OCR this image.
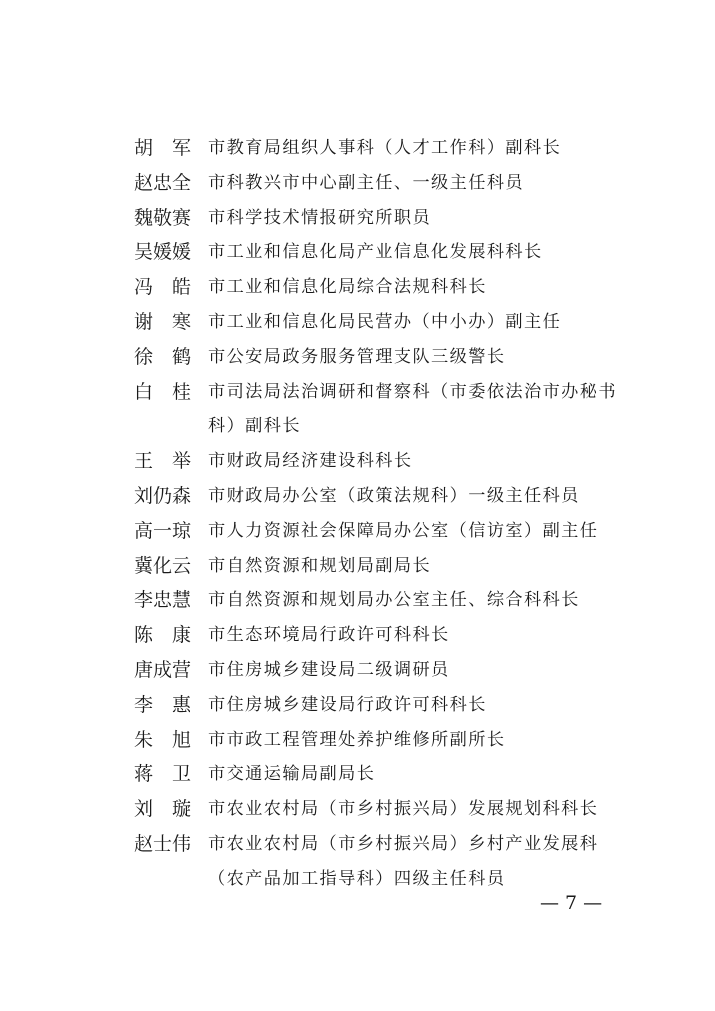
胡　军 市教育局组织人事科（人才工作科）副科长
赵忠全 市科教兴市中心副主任、一级主任科员
魏敬赛 市科学技术情报研究所职员
吴媛媛 市工业和信息化局产业信息化发展科科长
冯　皓 市工业和信息化局综合法规科科长
谢　寒 市工业和信息化局民营办（中小办）副主任
徐　鹤 市公安局政务服务管理支队三级警长
白　桂 市司法局法治调研和督察科（市委依法治市办秘书
科）副科长
王　举 市财政局经济建设科科长
刘仍森 市财政局办公室（政策法规科）一级主任科员
高一琼 市人力资源社会保障局办公室（信访室）副主任
冀化云 市自然资源和规划局副局长
李忠慧 市自然资源和规划局办公室主任、综合科科长
陈　康 市生态环境局行政许可科科长
唐成营 市住房城乡建设局二级调研员
李　惠 市住房城乡建设局行政许可科科长
朱　旭 市市政工程管理处养护维修所副所长
蒋　卫 市交通运输局副局长
刘　璇 市农业农村局（市乡村振兴局）发展规划科科长
赵士伟 市农业农村局（市乡村振兴局）乡村产业发展科
（农产品加工指导科）四级主任科员
— 7 —
